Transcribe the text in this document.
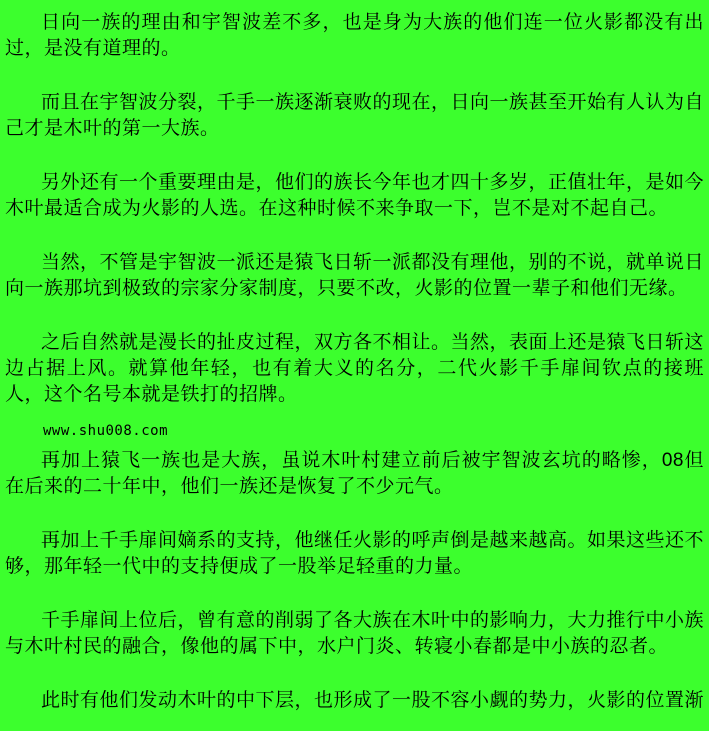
日向一族的理由和宇智波差不多，也是身为大族的他们连一位火影都没有出过，是没有道理的。

而且在宇智波分裂，千手一族逐渐衰败的现在，日向一族甚至开始有人认为自己才是木叶的第一大族。

另外还有一个重要理由是，他们的族长今年也才四十多岁，正值壮年，是如今木叶最适合成为火影的人选。在这种时候不来争取一下，岂不是对不起自己。

当然，不管是宇智波一派还是猿飞日斩一派都没有理他，别的不说，就单说日向一族那坑到极致的宗家分家制度，只要不改，火影的位置一辈子和他们无缘。

之后自然就是漫长的扯皮过程，双方各不相让。当然，表面上还是猿飞日斩这边占据上风。就算他年轻，也有着大义的名分，二代火影千手扉间钦点的接班人，这个名号本就是铁打的招牌。

www.shu008.com

再加上猿飞一族也是大族，虽说木叶村建立前后被宇智波玄坑的略惨，08但在后来的二十年中，他们一族还是恢复了不少元气。

再加上千手扉间嫡系的支持，他继任火影的呼声倒是越来越高。如果这些还不够，那年轻一代中的支持便成了一股举足轻重的力量。

千手扉间上位后，曾有意的削弱了各大族在木叶中的影响力，大力推行中小族与木叶村民的融合，像他的属下中，水户门炎、转寝小春都是中小族的忍者。

此时有他们发动木叶的中下层，也形成了一股不容小觑的势力，火影的位置渐
